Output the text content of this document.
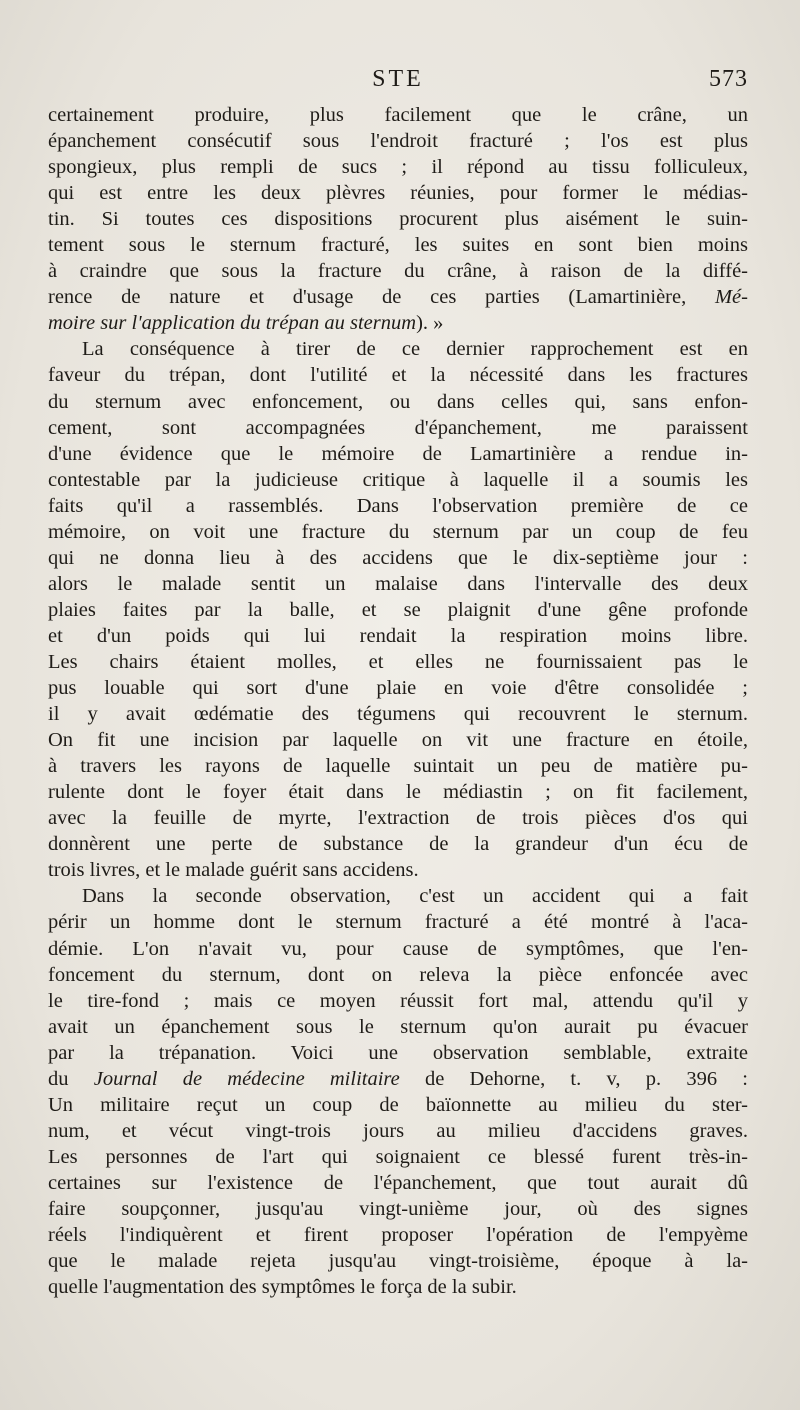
STE	573
certainement produire, plus facilement que le crâne, un
épanchement consécutif sous l'endroit fracturé ; l'os est plus
spongieux, plus rempli de sucs ; il répond au tissu folliculeux,
qui est entre les deux plèvres réunies, pour former le médias-
tin. Si toutes ces dispositions procurent plus aisément le suin-
tement sous le sternum fracturé, les suites en sont bien moins
à craindre que sous la fracture du crâne, à raison de la diffé-
rence de nature et d'usage de ces parties (Lamartinière, Mé-
moire sur l'application du trépan au sternum). »
La conséquence à tirer de ce dernier rapprochement est en
faveur du trépan, dont l'utilité et la nécessité dans les fractures
du sternum avec enfoncement, ou dans celles qui, sans enfon-
cement, sont accompagnées d'épanchement, me paraissent
d'une évidence que le mémoire de Lamartinière a rendue in-
contestable par la judicieuse critique à laquelle il a soumis les
faits qu'il a rassemblés. Dans l'observation première de ce
mémoire, on voit une fracture du sternum par un coup de feu
qui ne donna lieu à des accidens que le dix-septième jour :
alors le malade sentit un malaise dans l'intervalle des deux
plaies faites par la balle, et se plaignit d'une gêne profonde
et d'un poids qui lui rendait la respiration moins libre.
Les chairs étaient molles, et elles ne fournissaient pas le
pus louable qui sort d'une plaie en voie d'être consolidée ;
il y avait œdématie des tégumens qui recouvrent le sternum.
On fit une incision par laquelle on vit une fracture en étoile,
à travers les rayons de laquelle suintait un peu de matière pu-
rulente dont le foyer était dans le médiastin ; on fit facilement,
avec la feuille de myrte, l'extraction de trois pièces d'os qui
donnèrent une perte de substance de la grandeur d'un écu de
trois livres, et le malade guérit sans accidens.
Dans la seconde observation, c'est un accident qui a fait
périr un homme dont le sternum fracturé a été montré à l'aca-
démie. L'on n'avait vu, pour cause de symptômes, que l'en-
foncement du sternum, dont on releva la pièce enfoncée avec
le tire-fond ; mais ce moyen réussit fort mal, attendu qu'il y
avait un épanchement sous le sternum qu'on aurait pu évacuer
par la trépanation. Voici une observation semblable, extraite
du Journal de médecine militaire de Dehorne, t. v, p. 396 :
Un militaire reçut un coup de baïonnette au milieu du ster-
num, et vécut vingt-trois jours au milieu d'accidens graves.
Les personnes de l'art qui soignaient ce blessé furent très-in-
certaines sur l'existence de l'épanchement, que tout aurait dû
faire soupçonner, jusqu'au vingt-unième jour, où des signes
réels l'indiquèrent et firent proposer l'opération de l'empyème
que le malade rejeta jusqu'au vingt-troisième, époque à la-
quelle l'augmentation des symptômes le força de la subir.
